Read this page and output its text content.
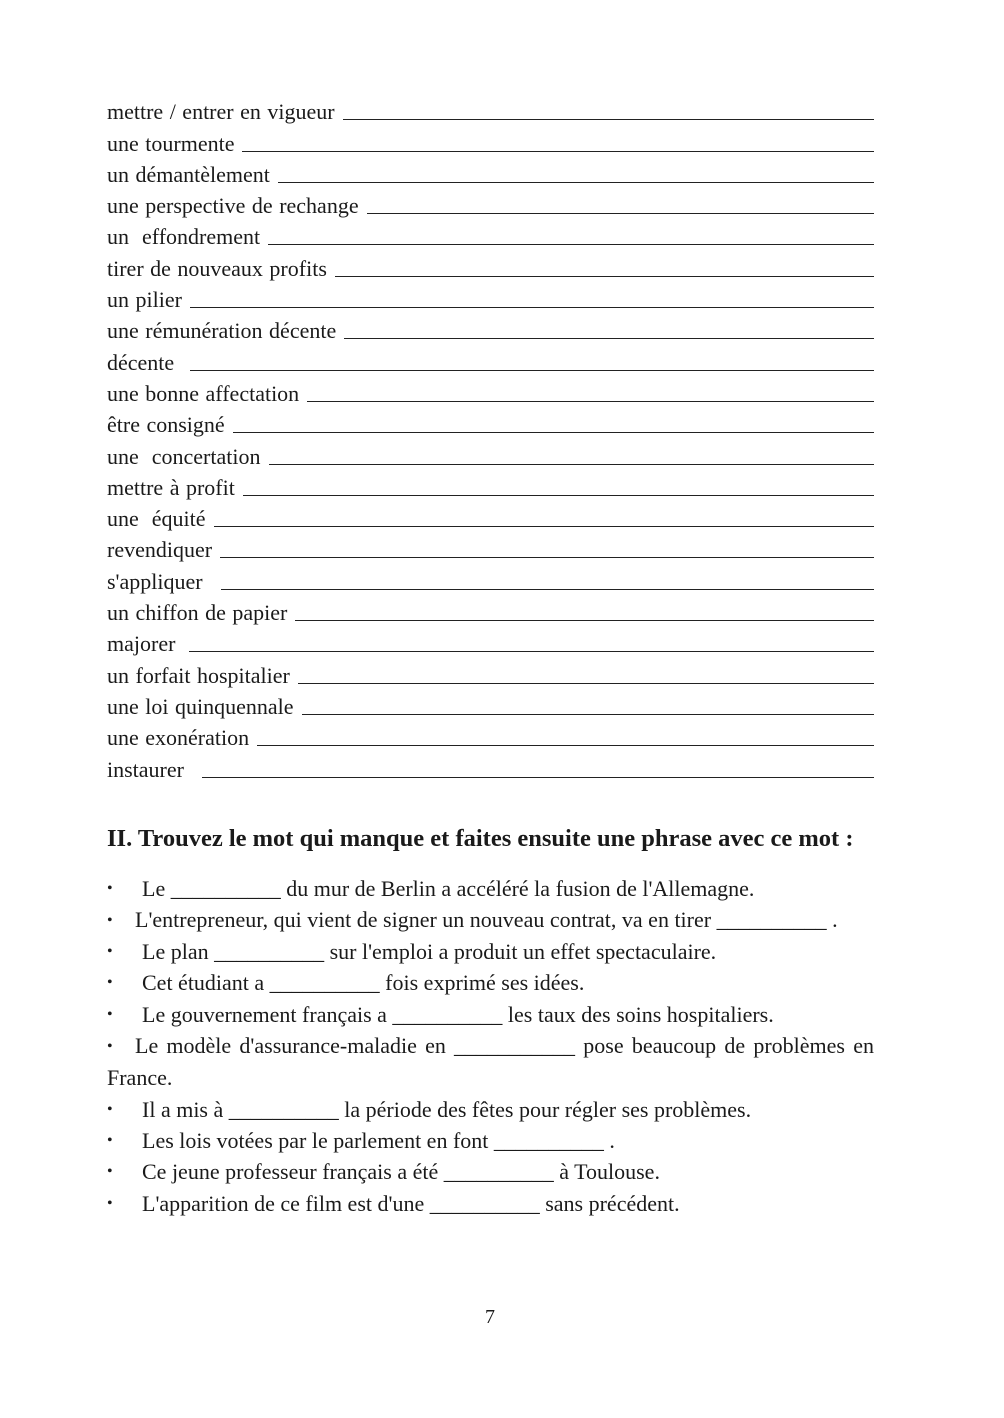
mettre / entrer en vigueur
une tourmente
un démantèlement
une perspective de rechange
un  effondrement
tirer de nouveaux profits
un pilier
une rémunération décente
décente
une bonne affectation
être consigné
une  concertation
mettre à profit
une  équité
revendiquer
s'appliquer
un chiffon de papier
majorer
un forfait hospitalier
une loi quinquennale
une exonération
instaurer
II. Trouvez le mot qui manque et faites ensuite une phrase avec ce mot :
•	Le __________ du mur de Berlin a accéléré la fusion de l'Allemagne.
• L'entrepreneur, qui vient de signer un nouveau contrat, va en tirer __________ .
•	Le plan __________ sur l'emploi a produit un effet spectaculaire.
•	Cet étudiant a __________ fois exprimé ses idées.
•	Le gouvernement français a __________ les taux des soins hospitaliers.
• Le modèle d'assurance-maladie en ___________ pose beaucoup de problèmes en France.
•	Il a mis à __________ la période des fêtes pour régler ses problèmes.
•	Les lois votées par le parlement en font __________ .
•	Ce jeune professeur français a été __________ à Toulouse.
•	L'apparition de ce film est d'une __________ sans précédent.
7
